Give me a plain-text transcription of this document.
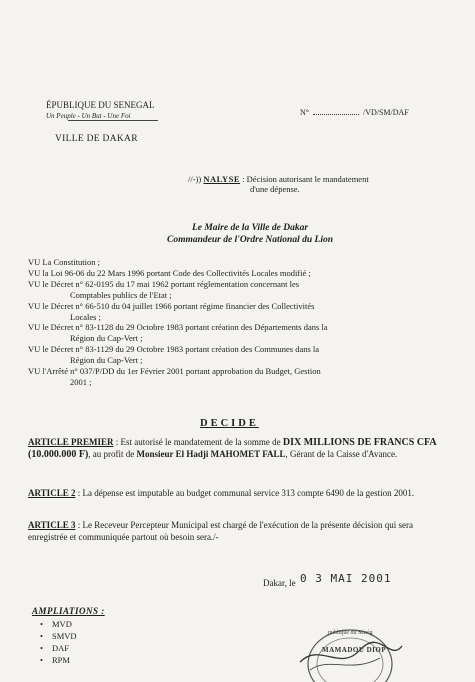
ÉPUBLIQUE DU SENEGAL
Un Peuple - Un But - Une Foi
VILLE DE DAKAR
N°	/VD/SM/DAF
//-)) NALYSE : Décision autorisant le mandatement
d'une dépense.
Le Maire de la Ville de Dakar
Commandeur de l'Ordre National du Lion
VU La Constitution ;
VU la Loi 96-06 du 22 Mars 1996 portant Code des Collectivités Locales modifié ;
VU le Décret n° 62-0195 du 17 mai 1962 portant réglementation concernant les
Comptables publics de l'Etat ;
VU le Décret n° 66-510 du 04 juillet 1966 portant régime financier des Collectivités
Locales ;
VU le Décret n° 83-1128 du 29 Octobre 1983 portant création des Départements dans la
Région du Cap-Vert ;
VU le Décret n° 83-1129 du 29 Octobre 1983 portant création des Communes dans la
Région du Cap-Vert ;
VU l'Arrêté n° 037/P/DD du 1er Février 2001 portant approbation du Budget, Gestion
2001 ;
DECIDE
ARTICLE PREMIER : Est autorisé le mandatement de la somme de DIX MILLIONS DE FRANCS CFA (10.000.000 F), au profit de Monsieur El Hadji MAHOMET FALL, Gérant de la Caisse d'Avance.
ARTICLE 2 : La dépense est imputable au budget communal service 313 compte 6490 de la gestion 2001.
ARTICLE 3 : Le Receveur Percepteur Municipal est chargé de l'exécution de la présente décision qui sera enregistrée et communiquée partout où besoin sera./-
0 3 MAI 2001
Dakar, le
AMPLIATIONS :
• MVD
• SMVD
• DAF
• RPM
publique du Sénég
MAMADOU DIOP
